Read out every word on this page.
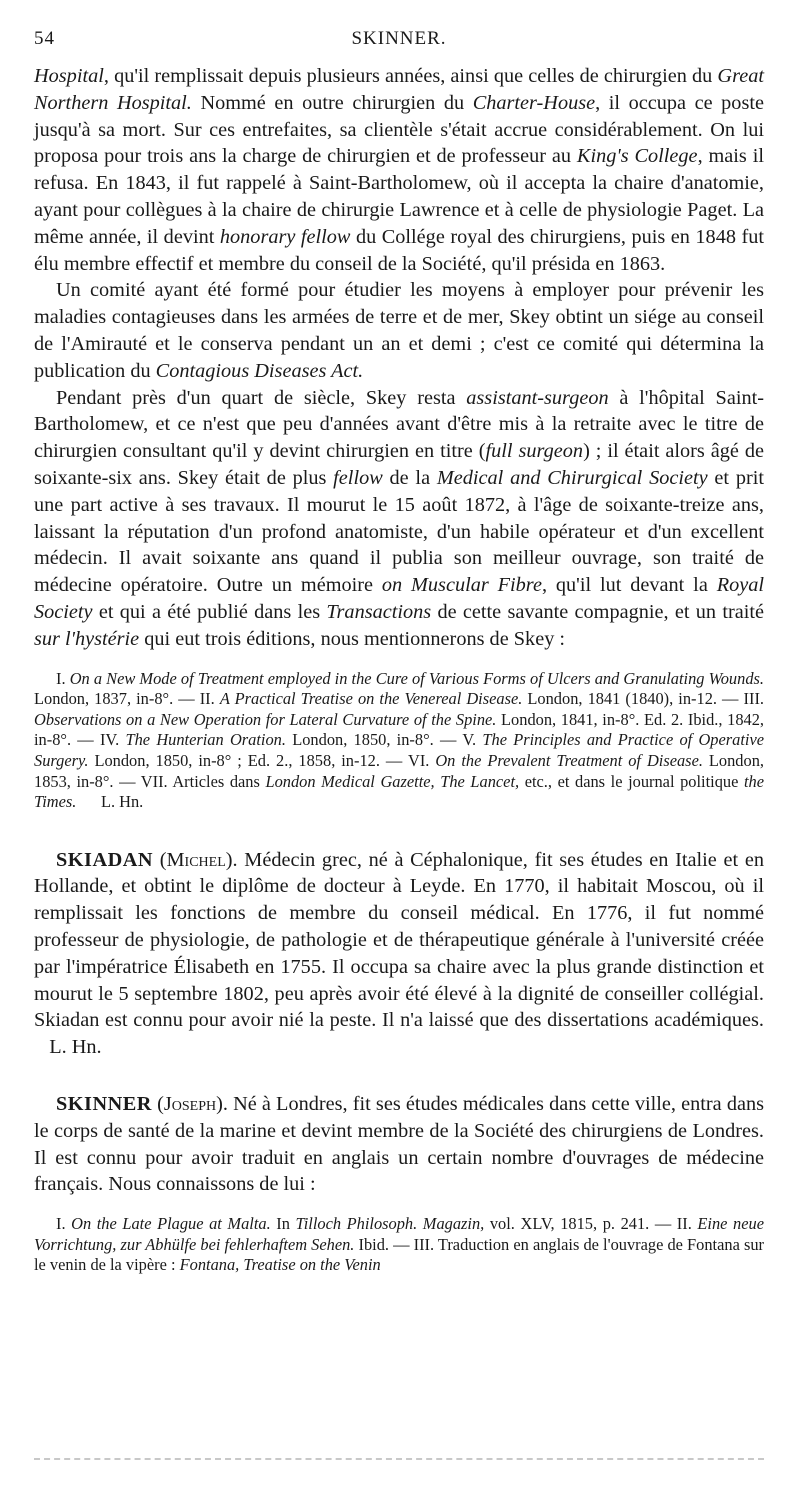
54	SKINNER.

Hospital, qu'il remplissait depuis plusieurs années, ainsi que celles de chirurgien du Great Northern Hospital. Nommé en outre chirurgien du Charter-House, il occupa ce poste jusqu'à sa mort. Sur ces entrefaites, sa clientèle s'était accrue considérablement. On lui proposa pour trois ans la charge de chirurgien et de professeur au King's College, mais il refusa. En 1843, il fut rappelé à Saint-Bartholomew, où il accepta la chaire d'anatomie, ayant pour collègues à la chaire de chirurgie Lawrence et à celle de physiologie Paget. La même année, il devint honorary fellow du Collége royal des chirurgiens, puis en 1848 fut élu membre effectif et membre du conseil de la Société, qu'il présida en 1863.

Un comité ayant été formé pour étudier les moyens à employer pour prévenir les maladies contagieuses dans les armées de terre et de mer, Skey obtint un siége au conseil de l'Amirauté et le conserva pendant un an et demi ; c'est ce comité qui détermina la publication du Contagious Diseases Act.

Pendant près d'un quart de siècle, Skey resta assistant-surgeon à l'hôpital Saint-Bartholomew, et ce n'est que peu d'années avant d'être mis à la retraite avec le titre de chirurgien consultant qu'il y devint chirurgien en titre (full surgeon) ; il était alors âgé de soixante-six ans. Skey était de plus fellow de la Medical and Chirurgical Society et prit une part active à ses travaux. Il mourut le 15 août 1872, à l'âge de soixante-treize ans, laissant la réputation d'un profond anatomiste, d'un habile opérateur et d'un excellent médecin. Il avait soixante ans quand il publia son meilleur ouvrage, son traité de médecine opératoire. Outre un mémoire on Muscular Fibre, qu'il lut devant la Royal Society et qui a été publié dans les Transactions de cette savante compagnie, et un traité sur l'hystérie qui eut trois éditions, nous mentionnerons de Skey :

I. On a New Mode of Treatment employed in the Cure of Various Forms of Ulcers and Granulating Wounds. London, 1837, in-8°. — II. A Practical Treatise on the Venereal Disease. London, 1841 (1840), in-12. — III. Observations on a New Operation for Lateral Curvature of the Spine. London, 1841, in-8°. Ed. 2. Ibid., 1842, in-8°. — IV. The Hunterian Oration. London, 1850, in-8°. — V. The Principles and Practice of Operative Surgery. London, 1850, in-8° ; Ed. 2., 1858, in-12. — VI. On the Prevalent Treatment of Disease. London, 1853, in-8°. — VII. Articles dans London Medical Gazette, The Lancet, etc., et dans le journal politique the Times.      L. Hn.

SKIADAN (Michel). Médecin grec, né à Céphalonique, fit ses études en Italie et en Hollande, et obtint le diplôme de docteur à Leyde. En 1770, il habitait Moscou, où il remplissait les fonctions de membre du conseil médical. En 1776, il fut nommé professeur de physiologie, de pathologie et de thérapeutique générale à l'université créée par l'impératrice Élisabeth en 1755. Il occupa sa chaire avec la plus grande distinction et mourut le 5 septembre 1802, peu après avoir été élevé à la dignité de conseiller collégial. Skiadan est connu pour avoir nié la peste. Il n'a laissé que des dissertations académiques.   L. Hn.

SKINNER (Joseph). Né à Londres, fit ses études médicales dans cette ville, entra dans le corps de santé de la marine et devint membre de la Société des chirurgiens de Londres. Il est connu pour avoir traduit en anglais un certain nombre d'ouvrages de médecine français. Nous connaissons de lui :

I. On the Late Plague at Malta. In Tilloch Philosoph. Magazin, vol. XLV, 1815, p. 241. — II. Eine neue Vorrichtung, zur Abhülfe bei fehlerhaftem Sehen. Ibid. — III. Traduction en anglais de l'ouvrage de Fontana sur le venin de la vipère : Fontana, Treatise on the Venin
